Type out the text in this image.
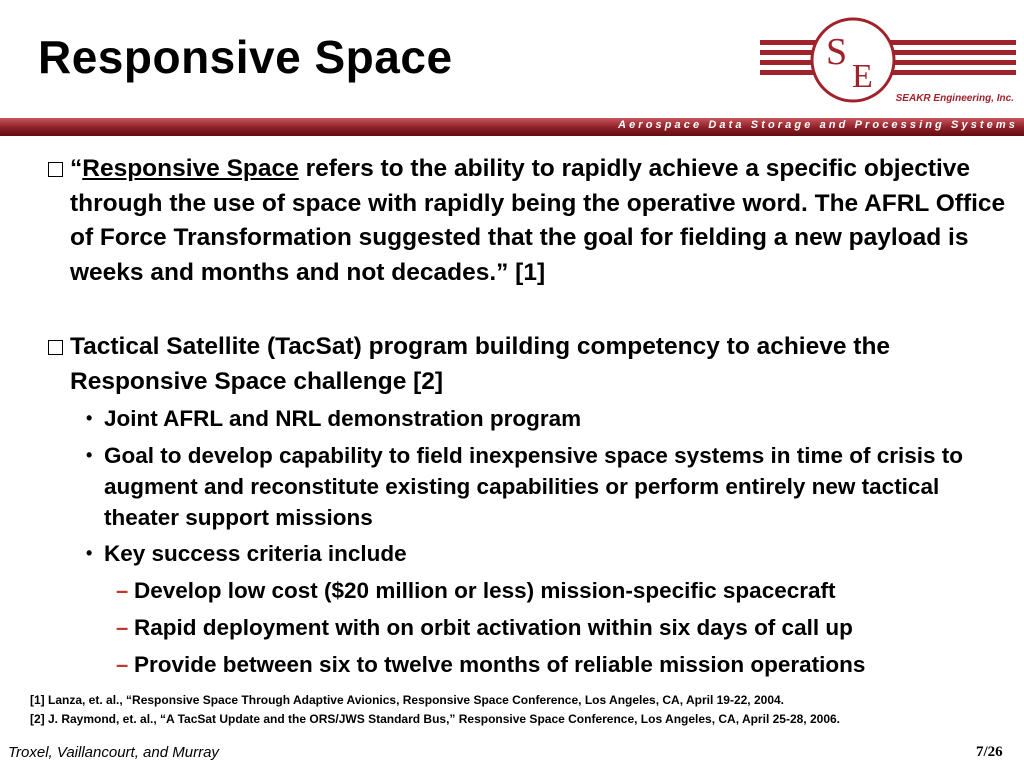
Responsive Space	S
E
SEAKR Engineering, Inc.
Aerospace Data Storage and Processing Systems
“Responsive Space refers to the ability to rapidly achieve a specific objective through the use of space with rapidly being the operative word. The AFRL Office of Force Transformation suggested that the goal for fielding a new payload is weeks and months and not decades.” [1]
Tactical Satellite (TacSat) program building competency to achieve the Responsive Space challenge [2]
• Joint AFRL and NRL demonstration program
• Goal to develop capability to field inexpensive space systems in time of crisis to augment and reconstitute existing capabilities or perform entirely new tactical theater support missions
• Key success criteria include
– Develop low cost ($20 million or less) mission-specific spacecraft
– Rapid deployment with on orbit activation within six days of call up
– Provide between six to twelve months of reliable mission operations
[1] Lanza, et. al., “Responsive Space Through Adaptive Avionics, Responsive Space Conference, Los Angeles, CA, April 19-22, 2004.
[2] J. Raymond, et. al., “A TacSat Update and the ORS/JWS Standard Bus,” Responsive Space Conference, Los Angeles, CA, April 25-28, 2006.
Troxel, Vaillancourt, and Murray	7/26
